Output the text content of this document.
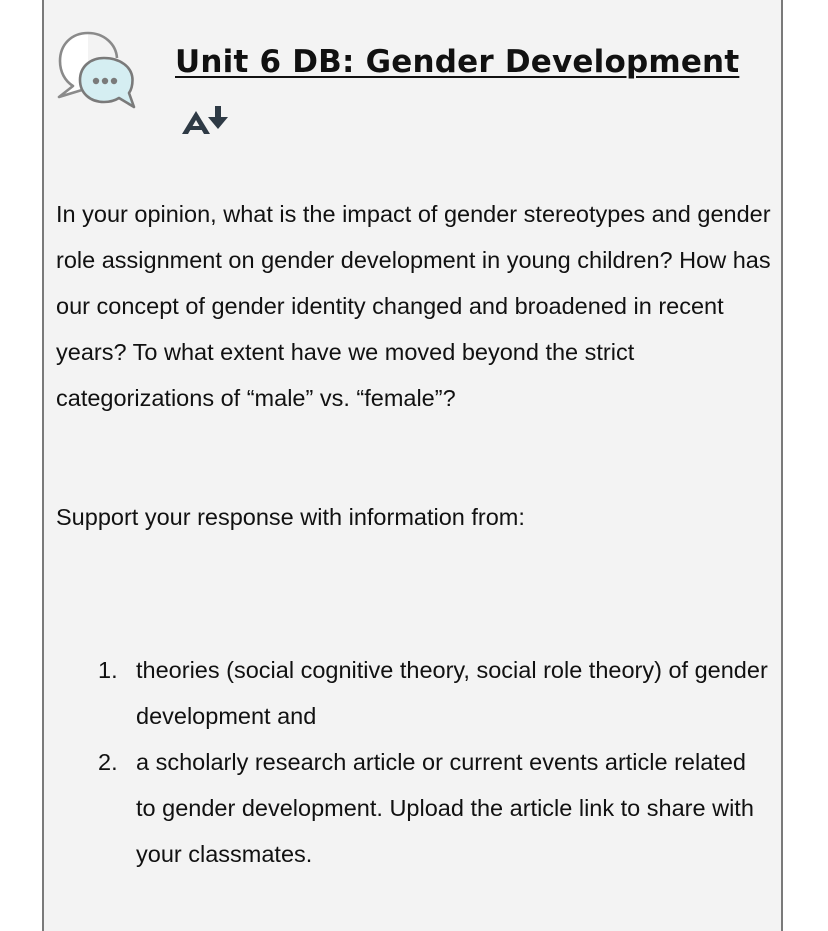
Unit 6 DB: Gender Development

In your opinion, what is the impact of gender stereotypes and gender role assignment on gender development in young children? How has our concept of gender identity changed and broadened in recent years? To what extent have we moved beyond the strict categorizations of “male” vs. “female”?

Support your response with information from:

1. theories (social cognitive theory, social role theory) of gender development and
2. a scholarly research article or current events article related to gender development. Upload the article link to share with your classmates.
